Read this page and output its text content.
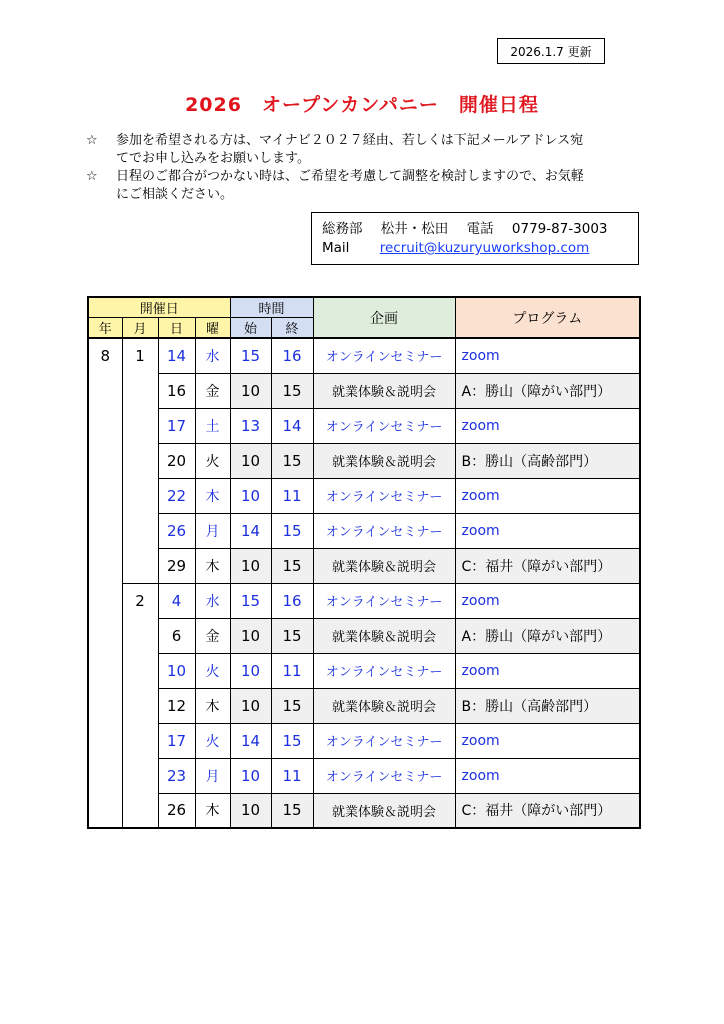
2026.1.7 更新
2026　オープンカンパニー　開催日程
☆	参加を希望される方は、マイナビ２０２７経由、若しくは下記メールアドレス宛
てでお申し込みをお願いします。
☆	日程のご都合がつかない時は、ご希望を考慮して調整を検討しますので、お気軽
にご相談ください。
総務部 松井・松田 電話 0779-87-3003
Mail recruit@kuzuryuworkshop.com
開催日				時間		企画	プログラム
年	月	日	曜	始	終		
8	1	14	水	15	16	オンラインセミナー	zoom
		16	金	10	15	就業体験＆説明会	A：勝山（障がい部門）
		17	土	13	14	オンラインセミナー	zoom
		20	火	10	15	就業体験＆説明会	B：勝山（高齢部門）
		22	木	10	11	オンラインセミナー	zoom
		26	月	14	15	オンラインセミナー	zoom
		29	木	10	15	就業体験＆説明会	C：福井（障がい部門）
	2	4	水	15	16	オンラインセミナー	zoom
		6	金	10	15	就業体験＆説明会	A：勝山（障がい部門）
		10	火	10	11	オンラインセミナー	zoom
		12	木	10	15	就業体験＆説明会	B：勝山（高齢部門）
		17	火	14	15	オンラインセミナー	zoom
		23	月	10	11	オンラインセミナー	zoom
		26	木	10	15	就業体験＆説明会	C：福井（障がい部門）
